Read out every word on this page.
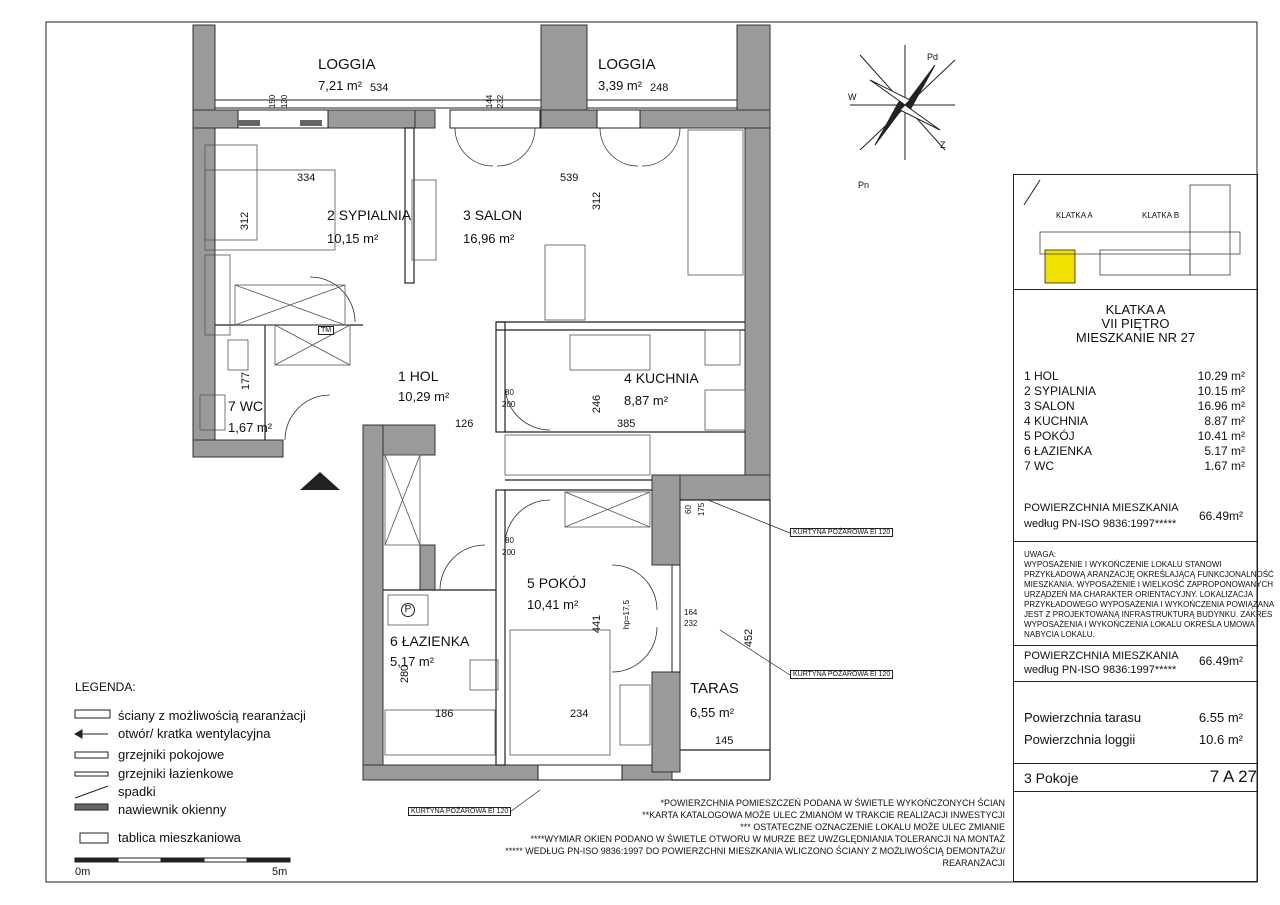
LOGGIA
7,21 m²
LOGGIA
3,39 m²
2 SYPIALNIA
10,15 m²
3 SALON
16,96 m²
1 HOL
10,29 m²
4 KUCHNIA
8,87 m²
5 POKÓJ
10,41 m²
6 ŁAZIENKA
5,17 m²
7 WC
1,67 m²
TARAS
6,55 m²
534	248
334	539
312
312
126	385
246
177
441
452
186	234
145
280
164
232
60 175
hp=17,5
80
200
80
200
150 120	144 232
KURTYNA POŻAROWA EI 120
KURTYNA POŻAROWA EI 120
KURTYNA POŻAROWA EI 120
TM
P
Pd
W
Z
Pn
LEGENDA:
ściany z możliwością rearanżacji
otwór/ kratka wentylacyjna
grzejniki pokojowe
grzejniki łazienkowe
spadki
nawiewnik okienny
tablica mieszkaniowa
0m	5m
*POWIERZCHNIA POMIESZCZEŃ PODANA W ŚWIETLE WYKOŃCZONYCH ŚCIAN
**KARTA KATALOGOWA MOŻE ULEC ZMIANOM W TRAKCIE REALIZACJI INWESTYCJI
*** OSTATECZNE OZNACZENIE LOKALU MOŻE ULEC ZMIANIE
****WYMIAR OKIEN PODANO W ŚWIETLE OTWORU W MURZE BEZ UWZGLĘDNIANIA TOLERANCJI NA MONTAŻ
***** WEDŁUG PN-ISO 9836:1997 DO POWIERZCHNI MIESZKANIA WLICZONO ŚCIANY Z MOŻLIWOŚCIĄ DEMONTAŻU/
REARANŻACJI
KLATKA A	KLATKA B
KLATKA A
VII PIĘTRO
MIESZKANIE NR 27
1 HOL	10.29 m²
2 SYPIALNIA	10.15 m²
3 SALON	16.96 m²
4 KUCHNIA	8.87 m²
5 POKÓJ	10.41 m²
6 ŁAZIENKA	5.17 m²
7 WC	1.67 m²
POWIERZCHNIA MIESZKANIA
według PN-ISO 9836:1997*****
66.49m²
UWAGA:
WYPOSAŻENIE I WYKOŃCZENIE LOKALU STANOWI
PRZYKŁADOWĄ ARANŻACJĘ OKREŚLAJĄCĄ FUNKCJONALNOŚĆ
MIESZKANIA. WYPOSAŻENIE I WIELKOŚĆ ZAPROPONOWANYCH
URZĄDZEŃ MA CHARAKTER ORIENTACYJNY. LOKALIZACJA
PRZYKŁADOWEGO WYPOSAŻENIA I WYKOŃCZENIA POWIĄZANA
JEST Z PROJEKTOWANĄ INFRASTRUKTURĄ BUDYNKU. ZAKRES
WYPOSAŻENIA I WYKOŃCZENIA LOKALU OKREŚLA UMOWA
NABYCIA LOKALU.
POWIERZCHNIA MIESZKANIA
według PN-ISO 9836:1997*****
66.49m²
Powierzchnia tarasu	6.55 m²
Powierzchnia loggii	10.6 m²
3 Pokoje	7 A 27
